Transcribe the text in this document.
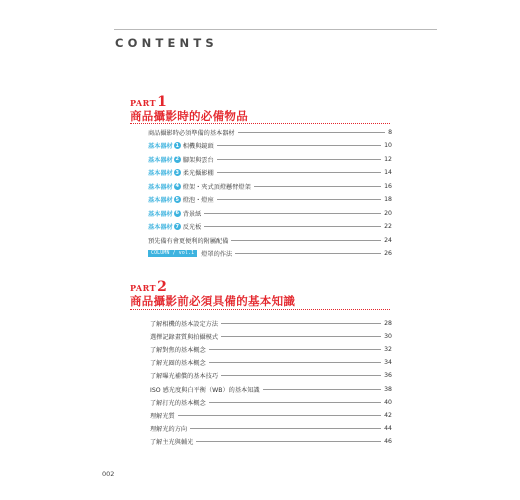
CONTENTS
PART1
商品攝影時的必備物品
商品攝影時必須準備的基本器材	8
基本器材 1 相機與鏡頭	10
基本器材 2 腳架與雲台	12
基本器材 3 柔光攝影棚	14
基本器材 4 燈架・夾式頂燈懸臂燈架	16
基本器材 5 燈泡・燈座	18
基本器材 6 背景紙	20
基本器材 7 反光板	22
預先備有會更便利的附屬配備	24
COLUMN / vol.1	燈罩的作法	26
PART2
商品攝影前必須具備的基本知識
了解相機的基本設定方法	28
選擇記錄畫質與拍攝模式	30
了解對焦的基本概念	32
了解光圈的基本概念	34
了解曝光補償的基本技巧	36
ISO 感光度與白平衡（WB）的基本知識	38
了解打光的基本概念	40
理解光質	42
理解光的方向	44
了解主光與輔光	46
002
